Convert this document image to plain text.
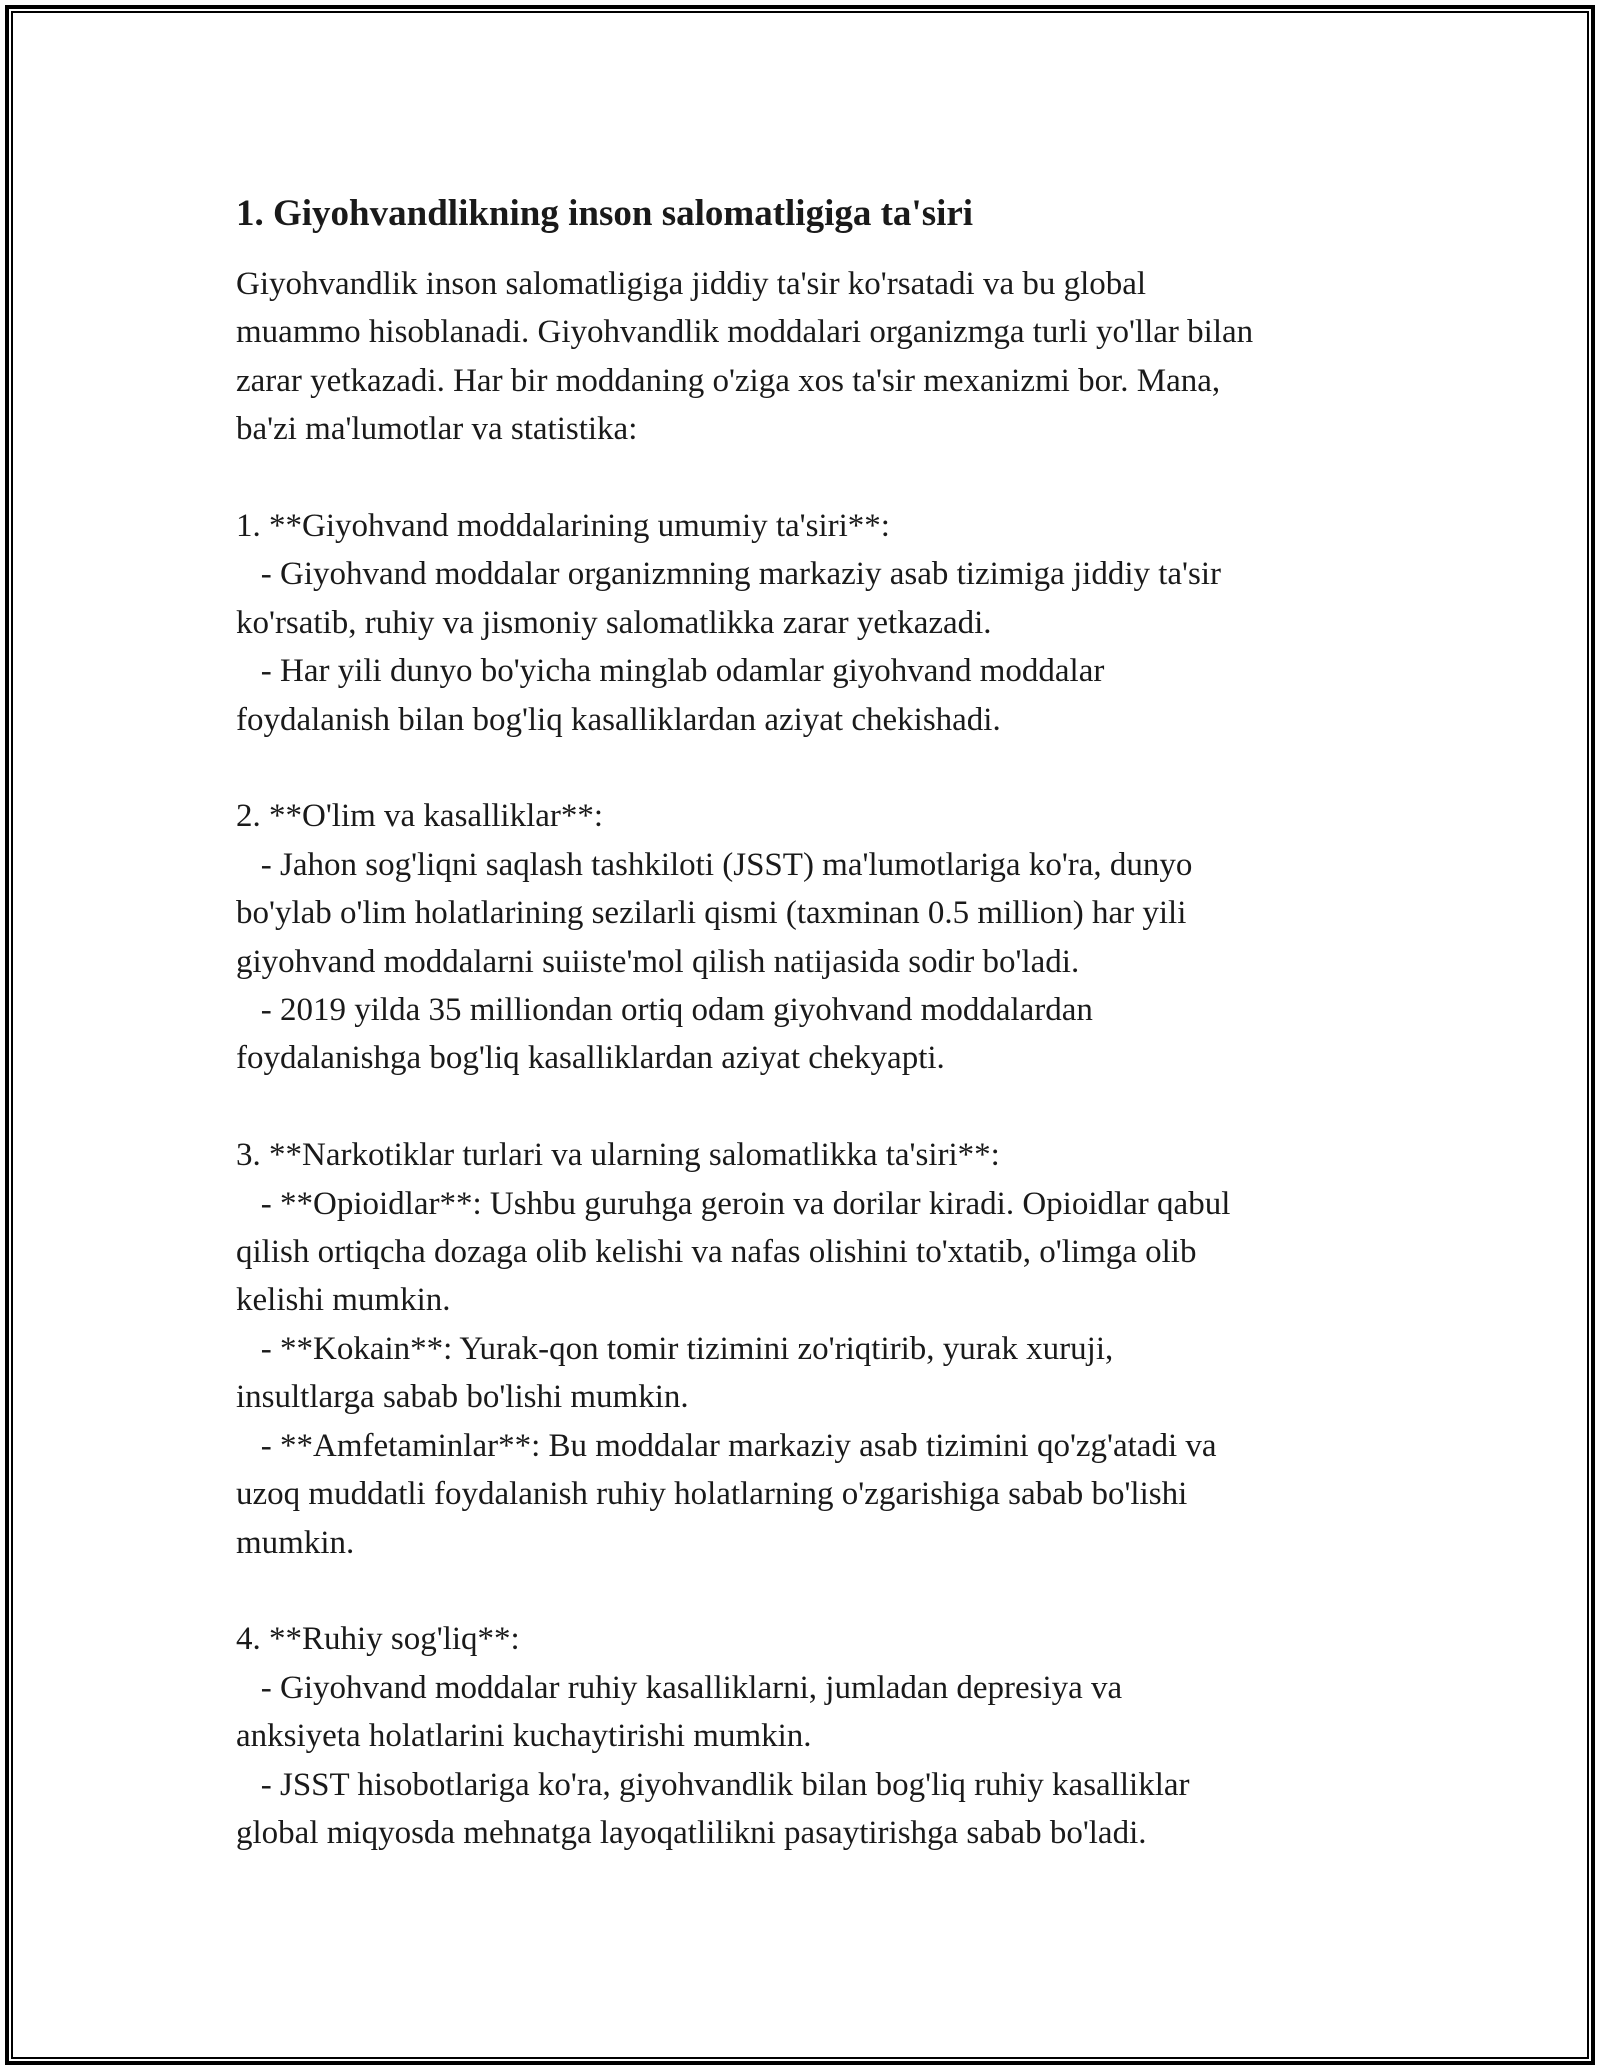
1. Giyohvandlikning inson salomatligiga ta'siri
Giyohvandlik inson salomatligiga jiddiy ta'sir ko'rsatadi va bu global
muammo hisoblanadi. Giyohvandlik moddalari organizmga turli yo'llar bilan
zarar yetkazadi. Har bir moddaning o'ziga xos ta'sir mexanizmi bor. Mana,
ba'zi ma'lumotlar va statistika:
1. **Giyohvand moddalarining umumiy ta'siri**:
- Giyohvand moddalar organizmning markaziy asab tizimiga jiddiy ta'sir
ko'rsatib, ruhiy va jismoniy salomatlikka zarar yetkazadi.
- Har yili dunyo bo'yicha minglab odamlar giyohvand moddalar
foydalanish bilan bog'liq kasalliklardan aziyat chekishadi.
2. **O'lim va kasalliklar**:
- Jahon sog'liqni saqlash tashkiloti (JSST) ma'lumotlariga ko'ra, dunyo
bo'ylab o'lim holatlarining sezilarli qismi (taxminan 0.5 million) har yili
giyohvand moddalarni suiiste'mol qilish natijasida sodir bo'ladi.
- 2019 yilda 35 milliondan ortiq odam giyohvand moddalardan
foydalanishga bog'liq kasalliklardan aziyat chekyapti.
3. **Narkotiklar turlari va ularning salomatlikka ta'siri**:
- **Opioidlar**: Ushbu guruhga geroin va dorilar kiradi. Opioidlar qabul
qilish ortiqcha dozaga olib kelishi va nafas olishini to'xtatib, o'limga olib
kelishi mumkin.
- **Kokain**: Yurak-qon tomir tizimini zo'riqtirib, yurak xuruji,
insultlarga sabab bo'lishi mumkin.
- **Amfetaminlar**: Bu moddalar markaziy asab tizimini qo'zg'atadi va
uzoq muddatli foydalanish ruhiy holatlarning o'zgarishiga sabab bo'lishi
mumkin.
4. **Ruhiy sog'liq**:
- Giyohvand moddalar ruhiy kasalliklarni, jumladan depresiya va
anksiyeta holatlarini kuchaytirishi mumkin.
- JSST hisobotlariga ko'ra, giyohvandlik bilan bog'liq ruhiy kasalliklar
global miqyosda mehnatga layoqatlilikni pasaytirishga sabab bo'ladi.
